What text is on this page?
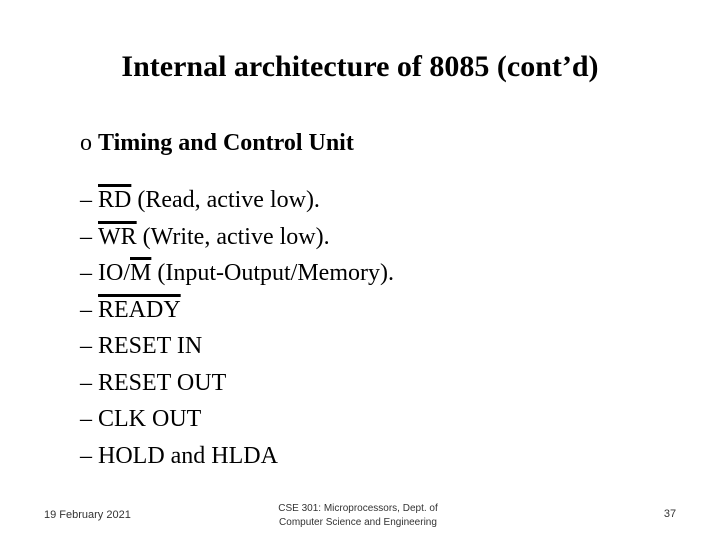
Internal architecture of 8085 (cont’d)
o Timing and Control Unit
– $\overline{RD}$ (Read, active low).
– $\overline{WR}$ (Write, active low).
– $IO/\overline{M}$ (Input-Output/Memory).
– READY
– RESET IN
– RESET OUT
– CLK OUT
– HOLD and HLDA
19 February 2021
CSE 301: Microprocessors, Dept. of
Computer Science and Engineering
37
